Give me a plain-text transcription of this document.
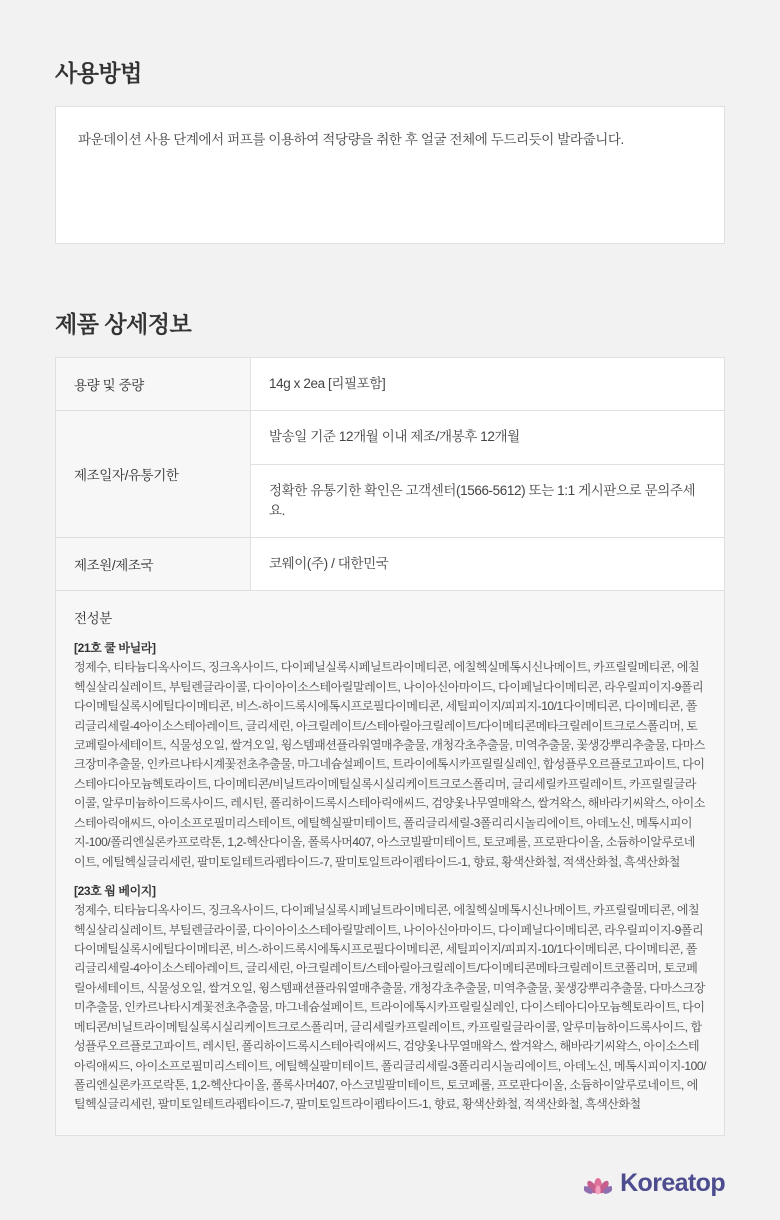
사용방법
파운데이션 사용 단계에서 퍼프를 이용하여 적당량을 취한 후 얼굴 전체에 두드리듯이 발라줍니다.
제품 상세정보
용량 및 중량	14g x 2ea [리필포함]
제조일자/유통기한	발송일 기준 12개월 이내 제조/개봉후 12개월
	정확한 유통기한 확인은 고객센터(1566-5612) 또는 1:1 게시판으로 문의주세요.
제조원/제조국	코웨이(주) / 대한민국
전성분
[21호 쿨 바닐라]
정제수, 티타늄디옥사이드, 징크옥사이드, 다이페닐실록시페닐트라이메티콘, 에칠헥실메톡시신나메이트, 카프릴릴메티콘, 에칠헥실살리실레이트, 부틸렌글라이콜, 다이아이소스테아릴말레이트, 나이아신아마이드, 다이페닐다이메티콘, 라우릴피이지-9폴리다이메틸실록시에틸다이메티콘, 비스-하이드록시에톡시프로필다이메티콘, 세틸피이지/피피지-10/1다이메티콘, 다이메티콘, 폴리글리세릴-4아이소스테아레이트, 글리세린, 아크릴레이트/스테아릴아크릴레이트/다이메티콘메타크릴레이트크로스폴리머, 토코페릴아세테이트, 식물성오일, 쌀겨오일, 윙스템패션플라워열매추출물, 개청각초추출물, 미역추출물, 꽃생강뿌리추출물, 다마스크장미추출물, 인카르나타시계꽃전초추출물, 마그네슘설페이트, 트라이에톡시카프릴릴실레인, 합성플루오르플로고파이트, 다이스테아디아모늄헥토라이트, 다이메티콘/비닐트라이메틸실록시실리케이트크로스폴리머, 글리세릴카프릴레이트, 카프릴릴글라이콜, 알루미늄하이드록사이드, 레시틴, 폴리하이드록시스테아릭애씨드, 검양옻나무열매왁스, 쌀겨왁스, 해바라기씨왁스, 아이소스테아릭애씨드, 아이소프로필미리스테이트, 에틸헥실팔미테이트, 폴리글리세릴-3폴리리시놀리에이트, 아데노신, 메톡시피이지-100/폴리엔실론카프로락톤, 1,2-헥산다이올, 폴록사머407, 아스코빌팔미테이트, 토코페롤, 프로판다이올, 소듐하이알루로네이트, 에틸헥실글리세린, 팔미토일테트라펩타이드-7, 팔미토일트라이펩타이드-1, 향료, 황색산화철, 적색산화철, 흑색산화철
[23호 웜 베이지]
정제수, 티타늄디옥사이드, 징크옥사이드, 다이페닐실록시페닐트라이메티콘, 에칠헥실메톡시신나메이트, 카프릴릴메티콘, 에칠헥실살리실레이트, 부틸렌글라이콜, 다이아이소스테아릴말레이트, 나이아신아마이드, 다이페닐다이메티콘, 라우릴피이지-9폴리다이메틸실록시에틸다이메티콘, 비스-하이드록시에톡시프로필다이메티콘, 세틸피이지/피피지-10/1다이메티콘, 다이메티콘, 폴리글리세릴-4아이소스테아레이트, 글리세린, 아크릴레이트/스테아릴아크릴레이트/다이메티콘메타크릴레이트코폴리머, 토코페릴아세테이트, 식물성오일, 쌀겨오일, 윙스템패션플라워열매추출물, 개청각초추출물, 미역추출물, 꽃생강뿌리추출물, 다마스크장미추출물, 인카르나타시계꽃전초추출물, 마그네슘설페이트, 트라이에톡시카프릴릴실레인, 다이스테아디아모늄헥토라이트, 다이메티콘/비닐트라이메틸실록시실리케이트크로스폴리머, 글리세릴카프릴레이트, 카프릴릴글라이콜, 알루미늄하이드록사이드, 합성플루오르플로고파이트, 레시틴, 폴리하이드록시스테아릭애씨드, 검양옻나무열매왁스, 쌀겨왁스, 해바라기씨왁스, 아이소스테아릭애씨드, 아이소프로필미리스테이트, 에틸헥실팔미테이트, 폴리글리세릴-3폴리리시놀리에이트, 아데노신, 메톡시피이지-100/폴리엔실론카프로락톤, 1,2-헥산다이올, 폴록사머407, 아스코빌팔미테이트, 토코페롤, 프로판다이올, 소듐하이알루로네이트, 에틸헥실글리세린, 팔미토일테트라펩타이드-7, 팔미토일트라이펩타이드-1, 향료, 황색산화철, 적색산화철, 흑색산화철
Koreatop
